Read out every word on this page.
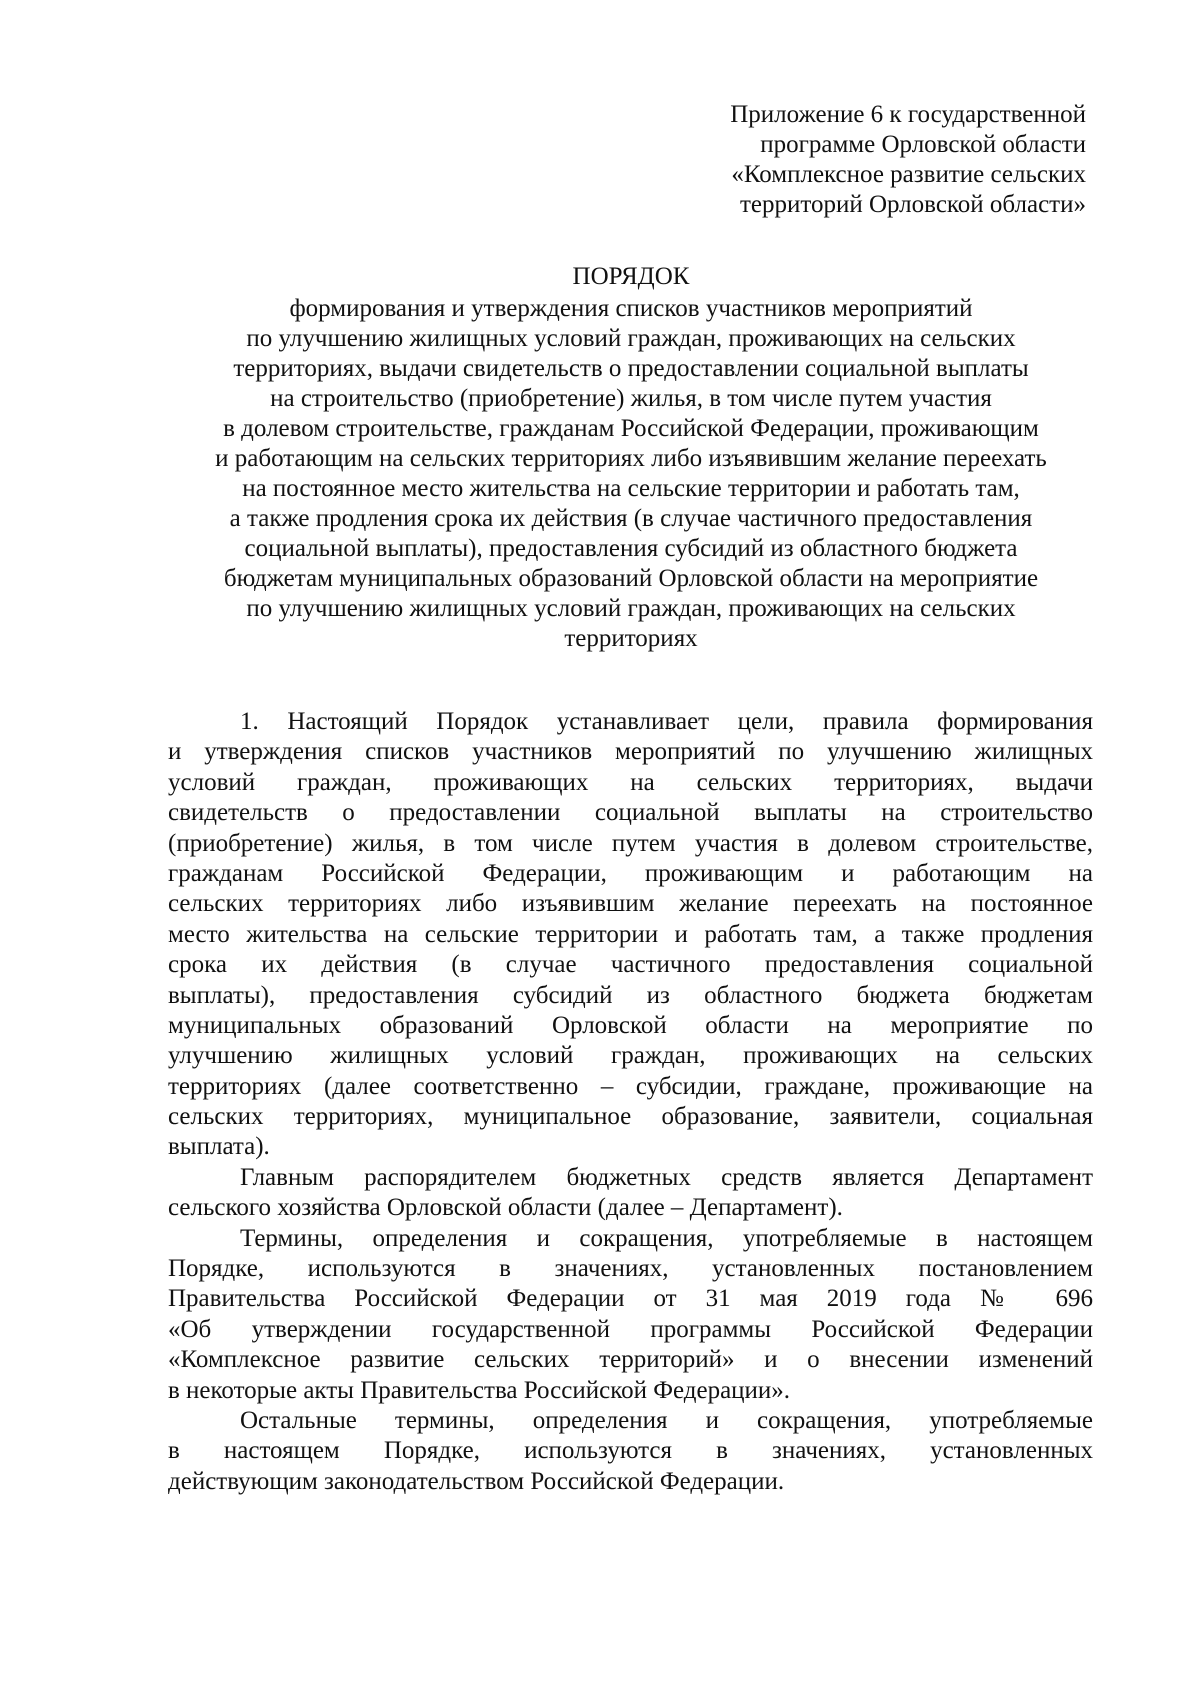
Приложение 6 к государственной
программе Орловской области
«Комплексное развитие сельских
территорий Орловской области»
ПОРЯДОК
формирования и утверждения списков участников мероприятий
по улучшению жилищных условий граждан, проживающих на сельских
территориях, выдачи свидетельств о предоставлении социальной выплаты
на строительство (приобретение) жилья, в том числе путем участия
в долевом строительстве, гражданам Российской Федерации, проживающим
и работающим на сельских территориях либо изъявившим желание переехать
на постоянное место жительства на сельские территории и работать там,
а также продления срока их действия (в случае частичного предоставления
социальной выплаты), предоставления субсидий из областного бюджета
бюджетам муниципальных образований Орловской области на мероприятие
по улучшению жилищных условий граждан, проживающих на сельских
территориях
1. Настоящий Порядок устанавливает цели, правила формирования
и утверждения списков участников мероприятий по улучшению жилищных
условий граждан, проживающих на сельских территориях, выдачи
свидетельств о предоставлении социальной выплаты на строительство
(приобретение) жилья, в том числе путем участия в долевом строительстве,
гражданам Российской Федерации, проживающим и работающим на
сельских территориях либо изъявившим желание переехать на постоянное
место жительства на сельские территории и работать там, а также продления
срока их действия (в случае частичного предоставления социальной
выплаты), предоставления субсидий из областного бюджета бюджетам
муниципальных образований Орловской области на мероприятие по
улучшению жилищных условий граждан, проживающих на сельских
территориях (далее соответственно – субсидии, граждане, проживающие на
сельских территориях, муниципальное образование, заявители, социальная
выплата).
Главным распорядителем бюджетных средств является Департамент
сельского хозяйства Орловской области (далее – Департамент).
Термины, определения и сокращения, употребляемые в настоящем
Порядке, используются в значениях, установленных постановлением
Правительства Российской Федерации от 31 мая 2019 года № 696
«Об утверждении государственной программы Российской Федерации
«Комплексное развитие сельских территорий» и о внесении изменений
в некоторые акты Правительства Российской Федерации».
Остальные термины, определения и сокращения, употребляемые
в настоящем Порядке, используются в значениях, установленных
действующим законодательством Российской Федерации.
